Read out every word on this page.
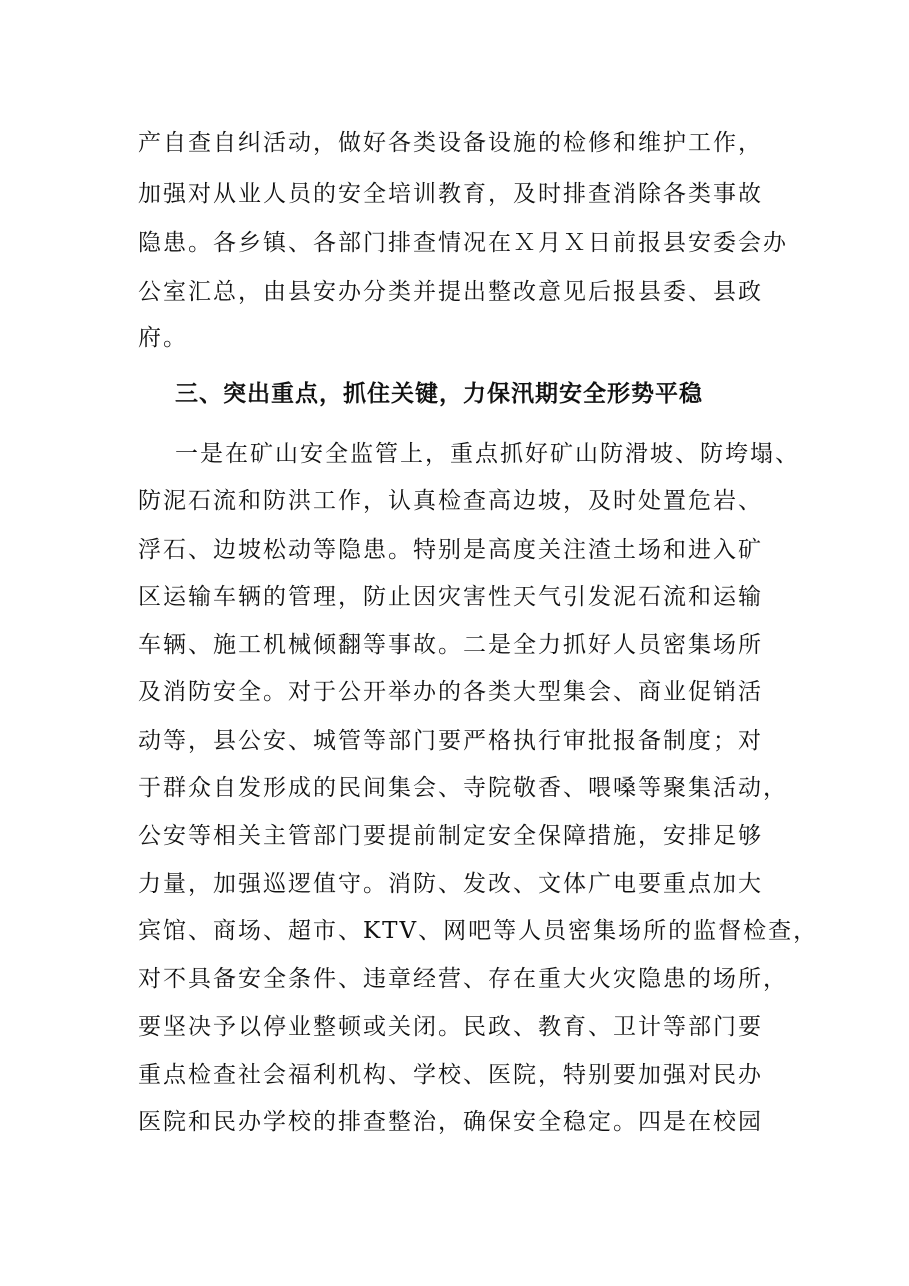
产自查自纠活动，做好各类设备设施的检修和维护工作，

加强对从业人员的安全培训教育，及时排查消除各类事故

隐患。各乡镇、各部门排查情况在Ｘ月Ｘ日前报县安委会办

公室汇总，由县安办分类并提出整改意见后报县委、县政

府。

三、突出重点，抓住关键，力保汛期安全形势平稳

一是在矿山安全监管上，重点抓好矿山防滑坡、防垮塌、

防泥石流和防洪工作，认真检查高边坡，及时处置危岩、

浮石、边坡松动等隐患。特别是高度关注渣土场和进入矿

区运输车辆的管理，防止因灾害性天气引发泥石流和运输

车辆、施工机械倾翻等事故。二是全力抓好人员密集场所

及消防安全。对于公开举办的各类大型集会、商业促销活

动等，县公安、城管等部门要严格执行审批报备制度；对

于群众自发形成的民间集会、寺院敬香、喂嗓等聚集活动，

公安等相关主管部门要提前制定安全保障措施，安排足够

力量，加强巡逻值守。消防、发改、文体广电要重点加大

宾馆、商场、超市、KTV、网吧等人员密集场所的监督检查，

对不具备安全条件、违章经营、存在重大火灾隐患的场所，

要坚决予以停业整顿或关闭。民政、教育、卫计等部门要

重点检查社会福利机构、学校、医院，特别要加强对民办

医院和民办学校的排查整治，确保安全稳定。四是在校园
